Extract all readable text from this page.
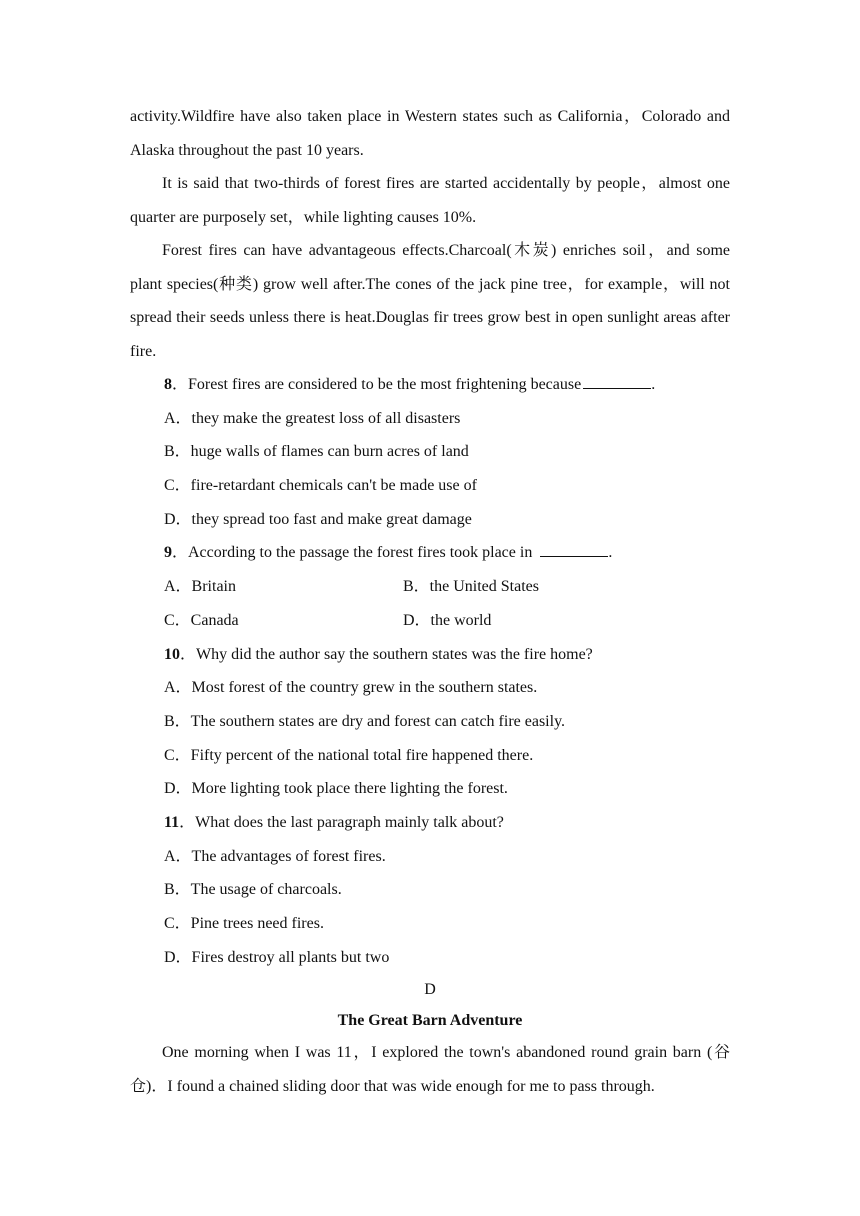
activity.Wildfire have also taken place in Western states such as California，Colorado and Alaska throughout the past 10 years.

It is said that two-thirds of forest fires are started accidentally by people，almost one quarter are purposely set，while lighting causes 10%.

Forest fires can have advantageous effects.Charcoal(木炭) enriches soil，and some plant species(种类) grow well after.The cones of the jack pine tree，for example，will not spread their seeds unless there is heat.Douglas fir trees grow best in open sunlight areas after fire.

8．Forest fires are considered to be the most frightening because	.
A．they make the greatest loss of all disasters
B．huge walls of flames can burn acres of land
C．fire-retardant chemicals can't be made use of
D．they spread too fast and make great damage
9．According to the passage the forest fires took place in	.
A．Britain	B．the United States
C．Canada	D．the world
10．Why did the author say the southern states was the fire home?
A．Most forest of the country grew in the southern states.
B．The southern states are dry and forest can catch fire easily.
C．Fifty percent of the national total fire happened there.
D．More lighting took place there lighting the forest.
11．What does the last paragraph mainly talk about?
A．The advantages of forest fires.
B．The usage of charcoals.
C．Pine trees need fires.
D．Fires destroy all plants but two
D
The Great Barn Adventure

One morning when I was 11，I explored the town's abandoned round grain barn (谷仓)．I found a chained sliding door that was wide enough for me to pass through.
